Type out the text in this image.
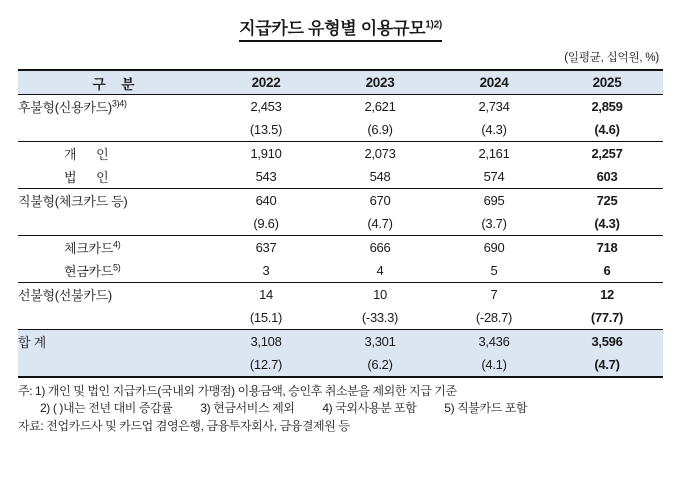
지급카드 유형별 이용규모$^{1)2)}$
(일평균, 십억원, %)
구 분	2022	2023	2024	2025
후불형(신용카드)$^{3)4)}$	2,453	2,621	2,734	2,859
	(13.5)	(6.9)	(4.3)	(4.6)
개 인	1,910	2,073	2,161	2,257
법 인	543	548	574	603
직불형(체크카드 등)	640	670	695	725
	(9.6)	(4.7)	(3.7)	(4.3)
체크카드$^{4)}$	637	666	690	718
현금카드$^{5)}$	3	4	5	6
선불형(선불카드)	14	10	7	12
	(15.1)	(-33.3)	(-28.7)	(77.7)
합 계	3,108	3,301	3,436	3,596
	(12.7)	(6.2)	(4.1)	(4.7)
주: 1) 개인 및 법인 지급카드(국내외 가맹점) 이용금액, 승인후 취소분을 제외한 지급 기준
2) ( )내는 전년 대비 증감률 3) 현금서비스 제외 4) 국외사용분 포함 5) 직불카드 포함
자료: 전업카드사 및 카드업 겸영은행, 금융투자회사, 금융결제원 등
